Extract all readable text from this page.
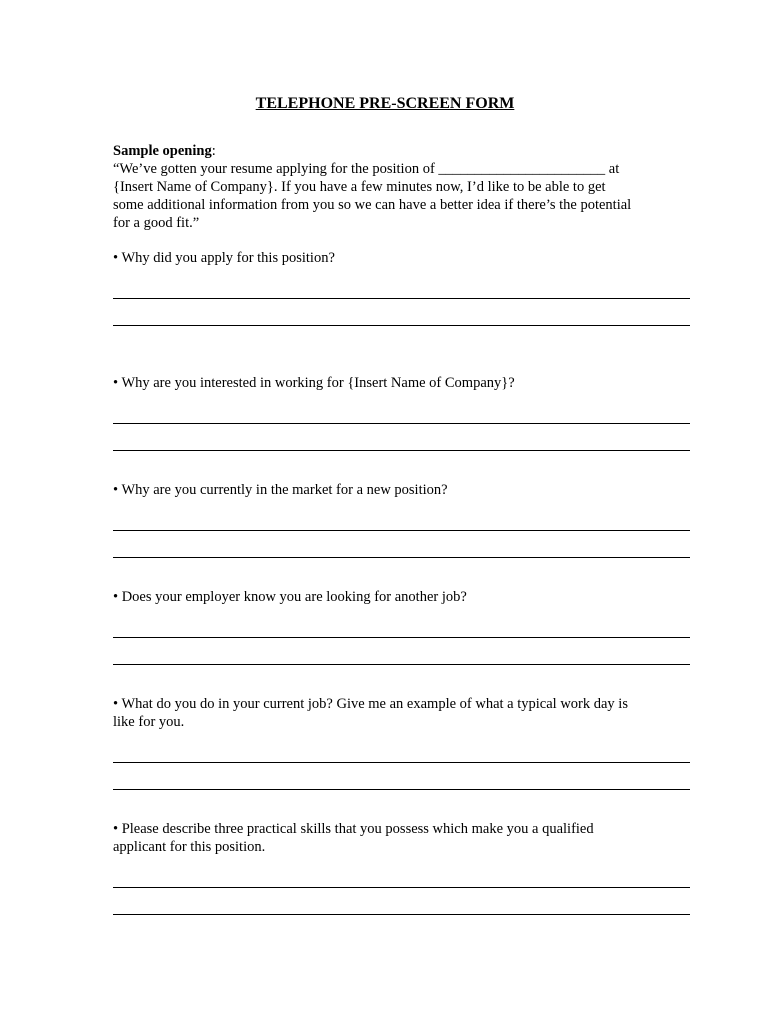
TELEPHONE PRE-SCREEN FORM
Sample opening:
“We’ve gotten your resume applying for the position of _______________________ at
{Insert Name of Company}. If you have a few minutes now, I’d like to be able to get
some additional information from you so we can have a better idea if there’s the potential
for a good fit.”
• Why did you apply for this position?
• Why are you interested in working for {Insert Name of Company}?
• Why are you currently in the market for a new position?
• Does your employer know you are looking for another job?
• What do you do in your current job? Give me an example of what a typical work day is
like for you.
• Please describe three practical skills that you possess which make you a qualified
applicant for this position.
